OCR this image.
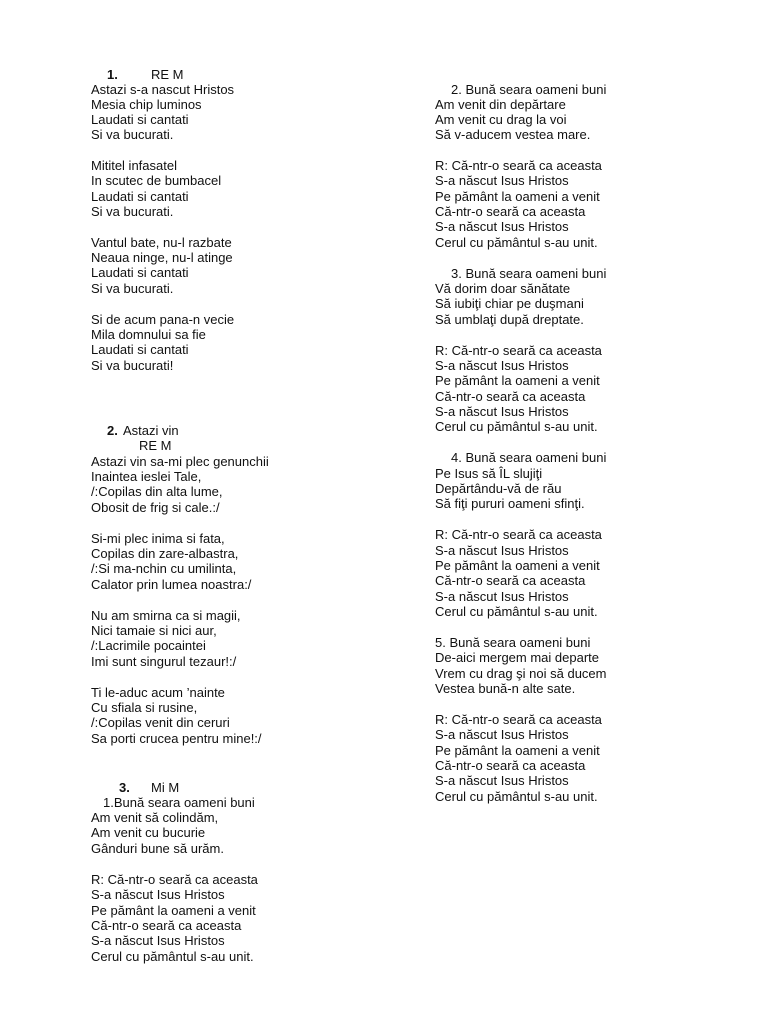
1.	RE M
Astazi s-a nascut Hristos
Mesia chip luminos
Laudati si cantati
Si va bucurati.
Mititel infasatel
In scutec de bumbacel
Laudati si cantati
Si va bucurati.
Vantul bate, nu-l razbate
Neaua ninge, nu-l atinge
Laudati si cantati
Si va bucurati.
Si de acum pana-n vecie
Mila domnului sa fie
Laudati si cantati
Si va bucurati!
2. Astazi vin
RE M
Astazi vin sa-mi plec genunchii
Inaintea ieslei Tale,
/:Copilas din alta lume,
Obosit de frig si cale.:/
Si-mi plec inima si fata,
Copilas din zare-albastra,
/:Si ma-nchin cu umilinta,
Calator prin lumea noastra:/
Nu am smirna ca si magii,
Nici tamaie si nici aur,
/:Lacrimile pocaintei
Imi sunt singurul tezaur!:/
Ti le-aduc acum ’nainte
Cu sfiala si rusine,
/:Copilas venit din ceruri
Sa porti crucea pentru mine!:/
3. Mi M
1.Bună seara oameni buni
Am venit să colindăm,
Am venit cu bucurie
Gânduri bune să urăm.
R: Că-ntr-o seară ca aceasta
S-a născut Isus Hristos
Pe pământ la oameni a venit
Că-ntr-o seară ca aceasta
S-a născut Isus Hristos
Cerul cu pământul s-au unit.
2. Bună seara oameni buni
Am venit din depărtare
Am venit cu drag la voi
Să v-aducem vestea mare.
R: Că-ntr-o seară ca aceasta
S-a născut Isus Hristos
Pe pământ la oameni a venit
Că-ntr-o seară ca aceasta
S-a născut Isus Hristos
Cerul cu pământul s-au unit.
3. Bună seara oameni buni
Vă dorim doar sănătate
Să iubiţi chiar pe duşmani
Să umblaţi după dreptate.
R: Că-ntr-o seară ca aceasta
S-a născut Isus Hristos
Pe pământ la oameni a venit
Că-ntr-o seară ca aceasta
S-a născut Isus Hristos
Cerul cu pământul s-au unit.
4. Bună seara oameni buni
Pe Isus să ÎL slujiţi
Depărtându-vă de rău
Să fiţi pururi oameni sfinţi.
R: Că-ntr-o seară ca aceasta
S-a născut Isus Hristos
Pe pământ la oameni a venit
Că-ntr-o seară ca aceasta
S-a născut Isus Hristos
Cerul cu pământul s-au unit.
5. Bună seara oameni buni
De-aici mergem mai departe
Vrem cu drag şi noi să ducem
Vestea bună-n alte sate.
R: Că-ntr-o seară ca aceasta
S-a născut Isus Hristos
Pe pământ la oameni a venit
Că-ntr-o seară ca aceasta
S-a născut Isus Hristos
Cerul cu pământul s-au unit.
